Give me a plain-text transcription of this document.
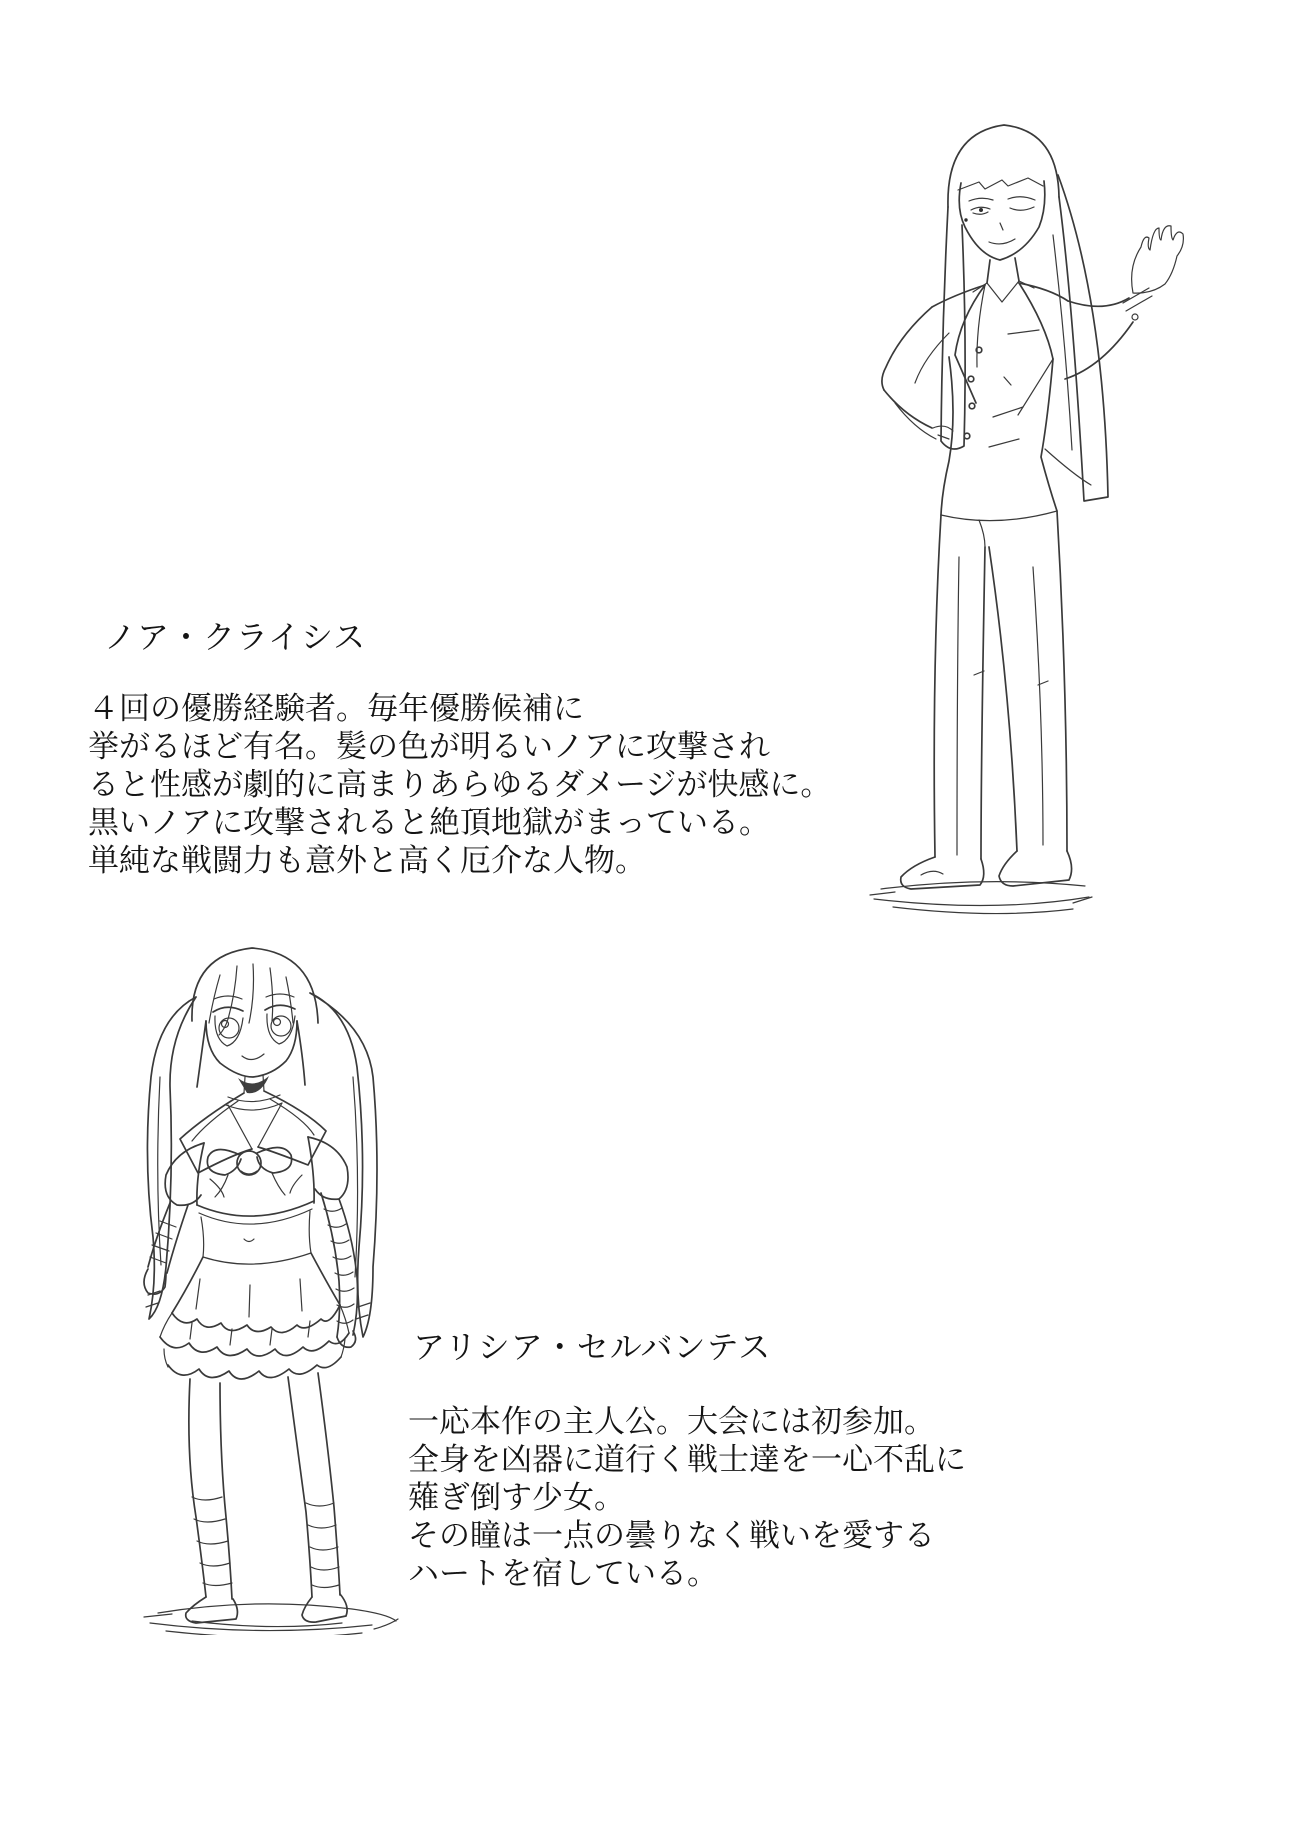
ノア・クライシス
４回の優勝経験者。毎年優勝候補に
挙がるほど有名。髪の色が明るいノアに攻撃され
ると性感が劇的に高まりあらゆるダメージが快感に。
黒いノアに攻撃されると絶頂地獄がまっている。
単純な戦闘力も意外と高く厄介な人物。
アリシア・セルバンテス
一応本作の主人公。大会には初参加。
全身を凶器に道行く戦士達を一心不乱に
薙ぎ倒す少女。
その瞳は一点の曇りなく戦いを愛する
ハートを宿している。
